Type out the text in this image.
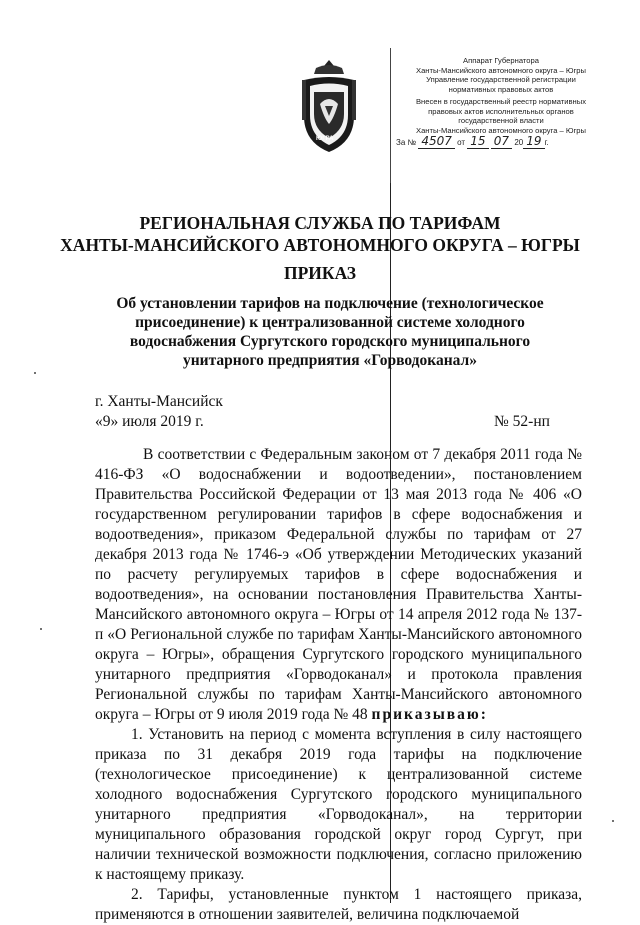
ЮГРА
Аппарат Губернатора
Ханты-Мансийского автономного округа – Югры
Управление государственной регистрации
нормативных правовых актов
Внесен в государственный реестр нормативных
правовых актов исполнительных органов
государственной власти
Ханты-Мансийского автономного округа – Югры
За № 4507 от 15 07 20 19 г.
РЕГИОНАЛЬНАЯ СЛУЖБА ПО ТАРИФАМ
ХАНТЫ-МАНСИЙСКОГО АВТОНОМНОГО ОКРУГА – ЮГРЫ
ПРИКАЗ
Об установлении тарифов на подключение (технологическое присоединение) к централизованной системе холодного водоснабжения Сургутского городского муниципального унитарного предприятия «Горводоканал»
г. Ханты-Мансийск
«9» июля 2019 г.	№ 52-нп

В соответствии с Федеральным законом от 7 декабря 2011 года № 416-ФЗ «О водоснабжении и водоотведении», постановлением Правительства Российской Федерации от 13 мая 2013 года № 406 «О государственном регулировании тарифов в сфере водоснабжения и водоотведения», приказом Федеральной службы по тарифам от 27 декабря 2013 года № 1746-э «Об утверждении Методических указаний по расчету регулируемых тарифов в сфере водоснабжения и водоотведения», на основании постановления Правительства Ханты-Мансийского автономного округа – Югры от 14 апреля 2012 года № 137-п «О Региональной службе по тарифам Ханты-Мансийского автономного округа – Югры», обращения Сургутского городского муниципального унитарного предприятия «Горводоканал» и протокола правления Региональной службы по тарифам Ханты-Мансийского автономного округа – Югры от 9 июля 2019 года № 48 приказываю:

1. Установить на период с момента вступления в силу настоящего приказа по 31 декабря 2019 года тарифы на подключение (технологическое присоединение) к централизованной системе холодного водоснабжения Сургутского городского муниципального унитарного предприятия «Горводоканал», на территории муниципального образования городской округ город Сургут, при наличии технической возможности подключения, согласно приложению к настоящему приказу.

2. Тарифы, установленные пунктом 1 настоящего приказа, применяются в отношении заявителей, величина подключаемой
